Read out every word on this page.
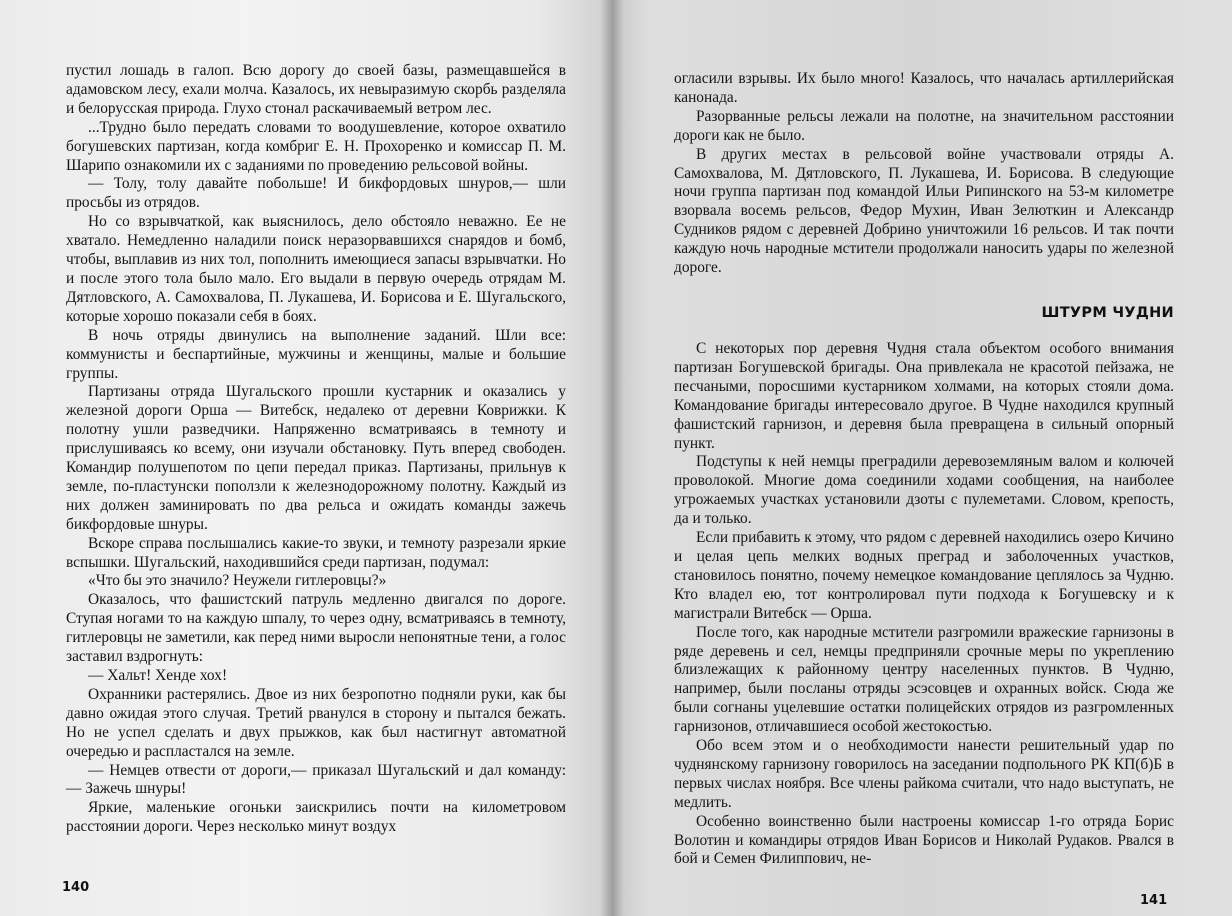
пустил лошадь в галоп. Всю дорогу до своей базы, размещавшейся в адамовском лесу, ехали молча. Казалось, их невыразимую скорбь разделяла и белорусская природа. Глухо стонал раскачиваемый ветром лес.

...Трудно было передать словами то воодушевление, которое охватило богушевских партизан, когда комбриг Е. Н. Прохоренко и комиссар П. М. Шарипо ознакомили их с заданиями по проведению рельсовой войны.

— Толу, толу давайте побольше! И бикфордовых шнуров,— шли просьбы из отрядов.

Но со взрывчаткой, как выяснилось, дело обстояло неважно. Ее не хватало. Немедленно наладили поиск неразорвавшихся снарядов и бомб, чтобы, выплавив из них тол, пополнить имеющиеся запасы взрывчатки. Но и после этого тола было мало. Его выдали в первую очередь отрядам М. Дятловского, А. Самохвалова, П. Лукашева, И. Борисова и Е. Шугальского, которые хорошо показали себя в боях.

В ночь отряды двинулись на выполнение заданий. Шли все: коммунисты и беспартийные, мужчины и женщины, малые и большие группы.

Партизаны отряда Шугальского прошли кустарник и оказались у железной дороги Орша — Витебск, недалеко от деревни Коврижки. К полотну ушли разведчики. Напряженно всматриваясь в темноту и прислушиваясь ко всему, они изучали обстановку. Путь вперед свободен. Командир полушепотом по цепи передал приказ. Партизаны, прильнув к земле, по-пластунски поползли к железнодорожному полотну. Каждый из них должен заминировать по два рельса и ожидать команды зажечь бикфордовые шнуры.

Вскоре справа послышались какие-то звуки, и темноту разрезали яркие вспышки. Шугальский, находившийся среди партизан, подумал:

«Что бы это значило? Неужели гитлеровцы?»

Оказалось, что фашистский патруль медленно двигался по дороге. Ступая ногами то на каждую шпалу, то через одну, всматриваясь в темноту, гитлеровцы не заметили, как перед ними выросли непонятные тени, а голос заставил вздрогнуть:

— Хальт! Хенде хох!

Охранники растерялись. Двое из них безропотно подняли руки, как бы давно ожидая этого случая. Третий рванулся в сторону и пытался бежать. Но не успел сделать и двух прыжков, как был настигнут автоматной очередью и распластался на земле.

— Немцев отвести от дороги,— приказал Шугальский и дал команду: — Зажечь шнуры!

Яркие, маленькие огоньки заискрились почти на километровом расстоянии дороги. Через несколько минут воздух

140

огласили взрывы. Их было много! Казалось, что началась артиллерийская канонада.

Разорванные рельсы лежали на полотне, на значительном расстоянии дороги как не было.

В других местах в рельсовой войне участвовали отряды А. Самохвалова, М. Дятловского, П. Лукашева, И. Борисова. В следующие ночи группа партизан под командой Ильи Рипинского на 53-м километре взорвала восемь рельсов, Федор Мухин, Иван Зелюткин и Александр Судников рядом с деревней Добрино уничтожили 16 рельсов. И так почти каждую ночь народные мстители продолжали наносить удары по железной дороге.

ШТУРМ ЧУДНИ

С некоторых пор деревня Чудня стала объектом особого внимания партизан Богушевской бригады. Она привлекала не красотой пейзажа, не песчаными, поросшими кустарником холмами, на которых стояли дома. Командование бригады интересовало другое. В Чудне находился крупный фашистский гарнизон, и деревня была превращена в сильный опорный пункт.

Подступы к ней немцы преградили деревоземляным валом и колючей проволокой. Многие дома соединили ходами сообщения, на наиболее угрожаемых участках установили дзоты с пулеметами. Словом, крепость, да и только.

Если прибавить к этому, что рядом с деревней находились озеро Кичино и целая цепь мелких водных преград и заболоченных участков, становилось понятно, почему немецкое командование цеплялось за Чудню. Кто владел ею, тот контролировал пути подхода к Богушевску и к магистрали Витебск — Орша.

После того, как народные мстители разгромили вражеские гарнизоны в ряде деревень и сел, немцы предприняли срочные меры по укреплению близлежащих к районному центру населенных пунктов. В Чудню, например, были посланы отряды эсэсовцев и охранных войск. Сюда же были согнаны уцелевшие остатки полицейских отрядов из разгромленных гарнизонов, отличавшиеся особой жестокостью.

Обо всем этом и о необходимости нанести решительный удар по чуднянскому гарнизону говорилось на заседании подпольного РК КП(б)Б в первых числах ноября. Все члены райкома считали, что надо выступать, не медлить.

Особенно воинственно были настроены комиссар 1-го отряда Борис Волотин и командиры отрядов Иван Борисов и Николай Рудаков. Рвался в бой и Семен Филиппович, не-

141
